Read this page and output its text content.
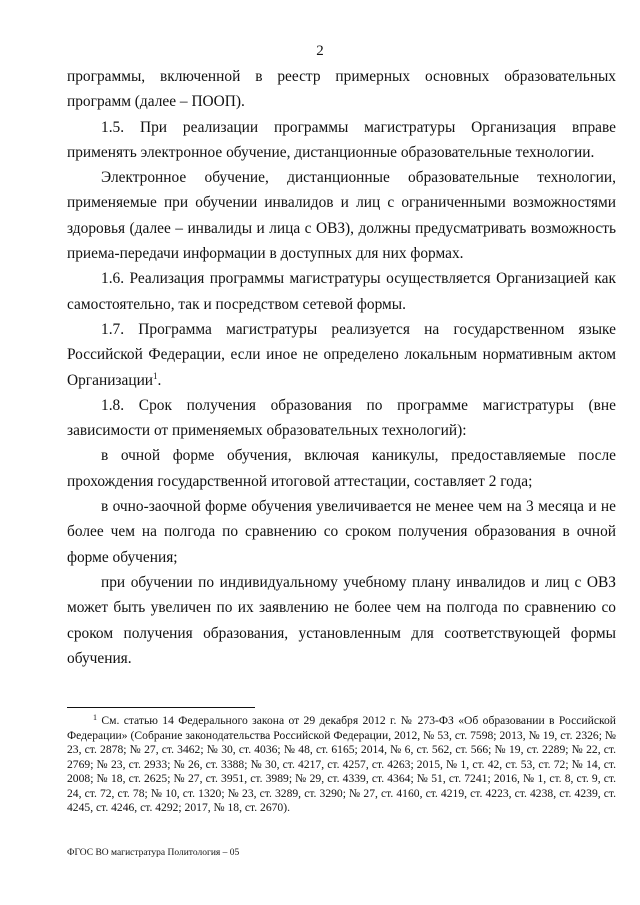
2

программы, включенной в реестр примерных основных образовательных программ (далее – ПООП).

1.5. При реализации программы магистратуры Организация вправе применять электронное обучение, дистанционные образовательные технологии.

Электронное обучение, дистанционные образовательные технологии, применяемые при обучении инвалидов и лиц с ограниченными возможностями здоровья (далее – инвалиды и лица с ОВЗ), должны предусматривать возможность приема-передачи информации в доступных для них формах.

1.6. Реализация программы магистратуры осуществляется Организацией как самостоятельно, так и посредством сетевой формы.

1.7. Программа магистратуры реализуется на государственном языке Российской Федерации, если иное не определено локальным нормативным актом Организации$^1$.

1.8. Срок получения образования по программе магистратуры (вне зависимости от применяемых образовательных технологий):

в очной форме обучения, включая каникулы, предоставляемые после прохождения государственной итоговой аттестации, составляет 2 года;

в очно-заочной форме обучения увеличивается не менее чем на 3 месяца и не более чем на полгода по сравнению со сроком получения образования в очной форме обучения;

при обучении по индивидуальному учебному плану инвалидов и лиц с ОВЗ может быть увеличен по их заявлению не более чем на полгода по сравнению со сроком получения образования, установленным для соответствующей формы обучения.

$^1$ См. статью 14 Федерального закона от 29 декабря 2012 г. № 273-ФЗ «Об образовании в Российской Федерации» (Собрание законодательства Российской Федерации, 2012, № 53, ст. 7598; 2013, № 19, ст. 2326; № 23, ст. 2878; № 27, ст. 3462; № 30, ст. 4036; № 48, ст. 6165; 2014, № 6, ст. 562, ст. 566; № 19, ст. 2289; № 22, ст. 2769; № 23, ст. 2933; № 26, ст. 3388; № 30, ст. 4217, ст. 4257, ст. 4263; 2015, № 1, ст. 42, ст. 53, ст. 72; № 14, ст. 2008; № 18, ст. 2625; № 27, ст. 3951, ст. 3989; № 29, ст. 4339, ст. 4364; № 51, ст. 7241; 2016, № 1, ст. 8, ст. 9, ст. 24, ст. 72, ст. 78; № 10, ст. 1320; № 23, ст. 3289, ст. 3290; № 27, ст. 4160, ст. 4219, ст. 4223, ст. 4238, ст. 4239, ст. 4245, ст. 4246, ст. 4292; 2017, № 18, ст. 2670).

ФГОС ВО магистратура Политология – 05
